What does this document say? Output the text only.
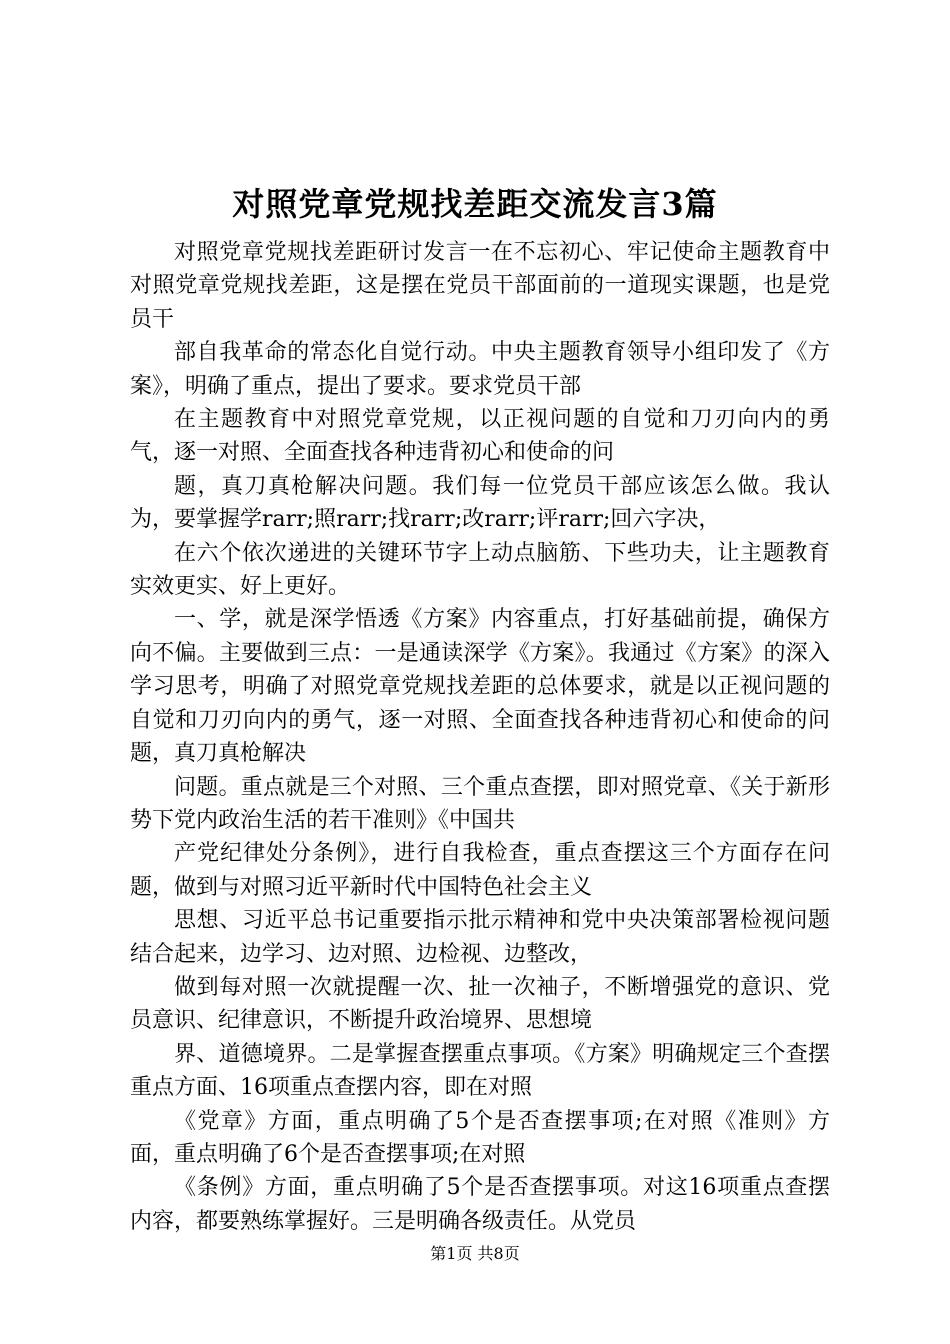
对照党章党规找差距交流发言3篇

对照党章党规找差距研讨发言一在不忘初心、牢记使命主题教育中对照党章党规找差距，这是摆在党员干部面前的一道现实课题，也是党员干

部自我革命的常态化自觉行动。中央主题教育领导小组印发了《方案》，明确了重点，提出了要求。要求党员干部

在主题教育中对照党章党规，以正视问题的自觉和刀刃向内的勇气，逐一对照、全面查找各种违背初心和使命的问

题，真刀真枪解决问题。我们每一位党员干部应该怎么做。我认为，要掌握学rarr;照rarr;找rarr;改rarr;评rarr;回六字决，

在六个依次递进的关键环节字上动点脑筋、下些功夫，让主题教育实效更实、好上更好。

一、学，就是深学悟透《方案》内容重点，打好基础前提，确保方向不偏。主要做到三点：一是通读深学《方案》。我通过《方案》的深入学习思考，明确了对照党章党规找差距的总体要求，就是以正视问题的自觉和刀刃向内的勇气，逐一对照、全面查找各种违背初心和使命的问题，真刀真枪解决

问题。重点就是三个对照、三个重点查摆，即对照党章、《关于新形势下党内政治生活的若干准则》《中国共

产党纪律处分条例》，进行自我检查，重点查摆这三个方面存在问题，做到与对照习近平新时代中国特色社会主义

思想、习近平总书记重要指示批示精神和党中央决策部署检视问题结合起来，边学习、边对照、边检视、边整改，

做到每对照一次就提醒一次、扯一次袖子，不断增强党的意识、党员意识、纪律意识，不断提升政治境界、思想境

界、道德境界。二是掌握查摆重点事项。《方案》明确规定三个查摆重点方面、16项重点查摆内容，即在对照

《党章》方面，重点明确了5个是否查摆事项;在对照《准则》方面，重点明确了6个是否查摆事项;在对照

《条例》方面，重点明确了5个是否查摆事项。对这16项重点查摆内容，都要熟练掌握好。三是明确各级责任。从党员

第1页 共8页
